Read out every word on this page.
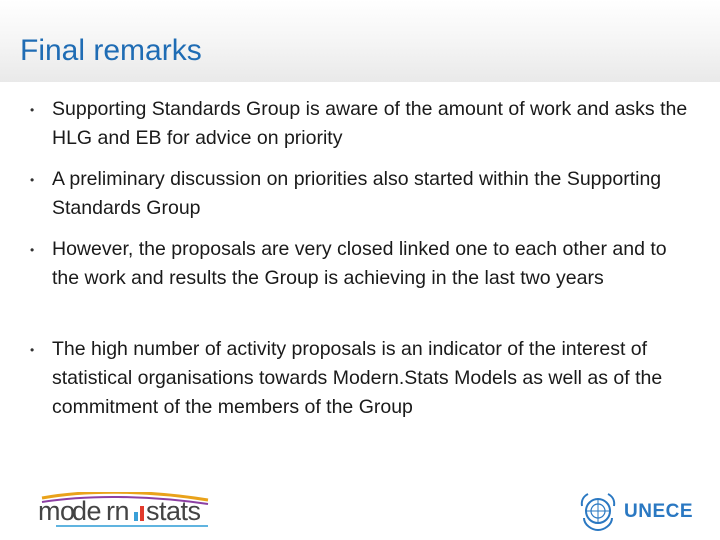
Final remarks
• Supporting Standards Group is aware of the amount of work and asks the HLG and EB for advice on priority

• A preliminary discussion on priorities also started within the Supporting Standards Group

• However, the proposals are very closed linked one to each other and to the work and results the Group is achieving in the last two years

• The high number of activity proposals is an indicator of the interest of statistical organisations towards Modern.Stats Models as well as of the commitment of the members of the Group

mo
de rn stats	UNECE
